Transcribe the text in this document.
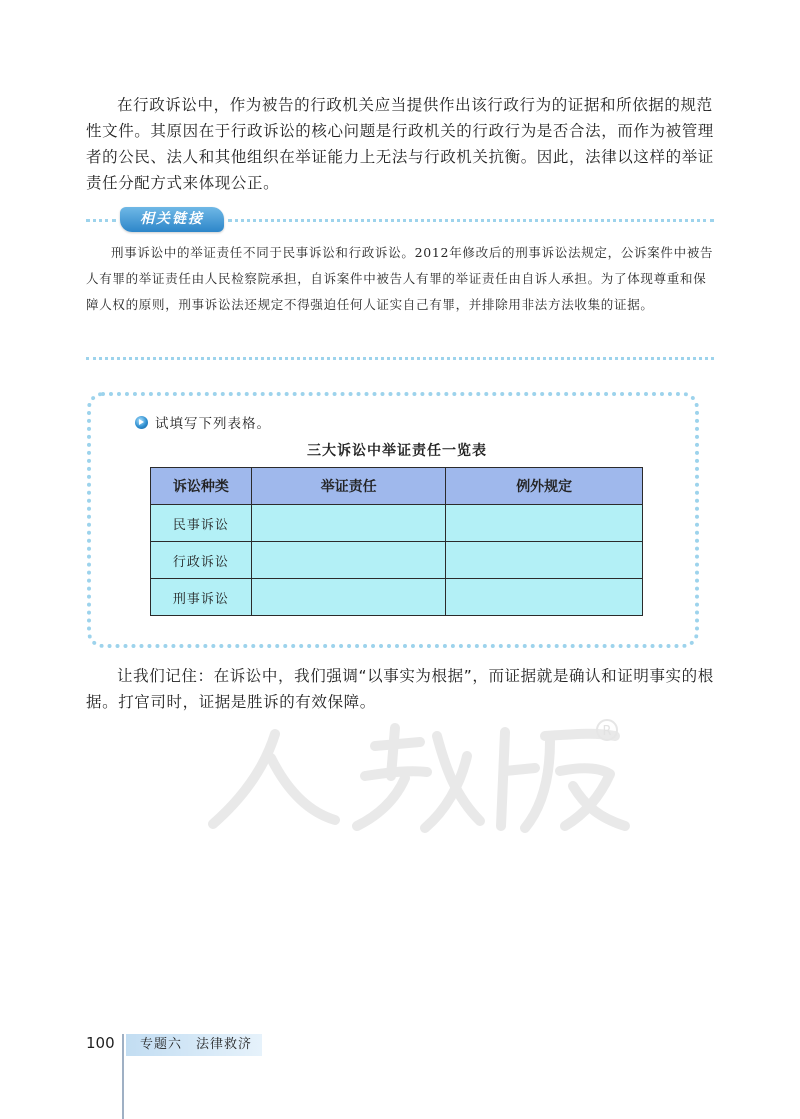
在行政诉讼中，作为被告的行政机关应当提供作出该行政行为的证据和所依据的规范性文件。其原因在于行政诉讼的核心问题是行政机关的行政行为是否合法，而作为被管理者的公民、法人和其他组织在举证能力上无法与行政机关抗衡。因此，法律以这样的举证责任分配方式来体现公正。

相关链接

刑事诉讼中的举证责任不同于民事诉讼和行政诉讼。2012年修改后的刑事诉讼法规定，公诉案件中被告人有罪的举证责任由人民检察院承担，自诉案件中被告人有罪的举证责任由自诉人承担。为了体现尊重和保障人权的原则，刑事诉讼法还规定不得强迫任何人证实自己有罪，并排除用非法方法收集的证据。

试填写下列表格。
三大诉讼中举证责任一览表
诉讼种类	举证责任	例外规定
民事诉讼		
行政诉讼		
刑事诉讼		

让我们记住：在诉讼中，我们强调“以事实为根据”，而证据就是确认和证明事实的根据。打官司时，证据是胜诉的有效保障。

R
100	专题六　法律救济
